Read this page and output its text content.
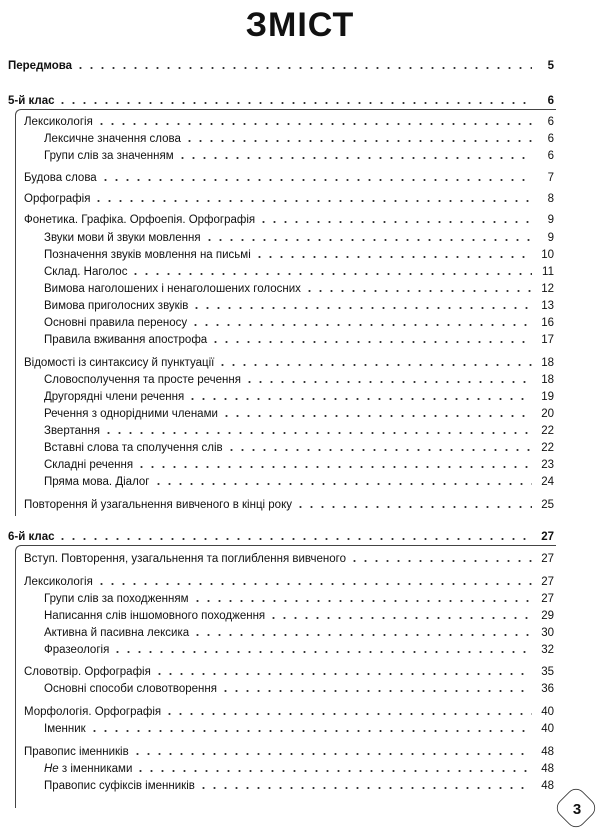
ЗМІСТ
Передмова	5
5-й клас	6
Лексикологія	6
Лексичне значення слова	6
Групи слів за значенням	6
Будова слова	7
Орфографія	8
Фонетика. Графіка. Орфоепія. Орфографія	9
Звуки мови й звуки мовлення	9
Позначення звуків мовлення на письмі	10
Склад. Наголос	11
Вимова наголошених і ненаголошених голосних	12
Вимова приголосних звуків	13
Основні правила переносу	16
Правила вживання апострофа	17
Відомості із синтаксису й пунктуації	18
Словосполучення та просте речення	18
Другорядні члени речення	19
Речення з однорідними членами	20
Звертання	22
Вставні слова та сполучення слів	22
Складні речення	23
Пряма мова. Діалог	24
Повторення й узагальнення вивченого в кінці року	25
6-й клас	27
Вступ. Повторення, узагальнення та поглиблення вивченого	27
Лексикологія	27
Групи слів за походженням	27
Написання слів іншомовного походження	29
Активна й пасивна лексика	30
Фразеологія	32
Словотвір. Орфографія	35
Основні способи словотворення	36
Морфологія. Орфографія	40
Іменник	40
Правопис іменників	48
Не з іменниками	48
Правопис суфіксів іменників	48
3
